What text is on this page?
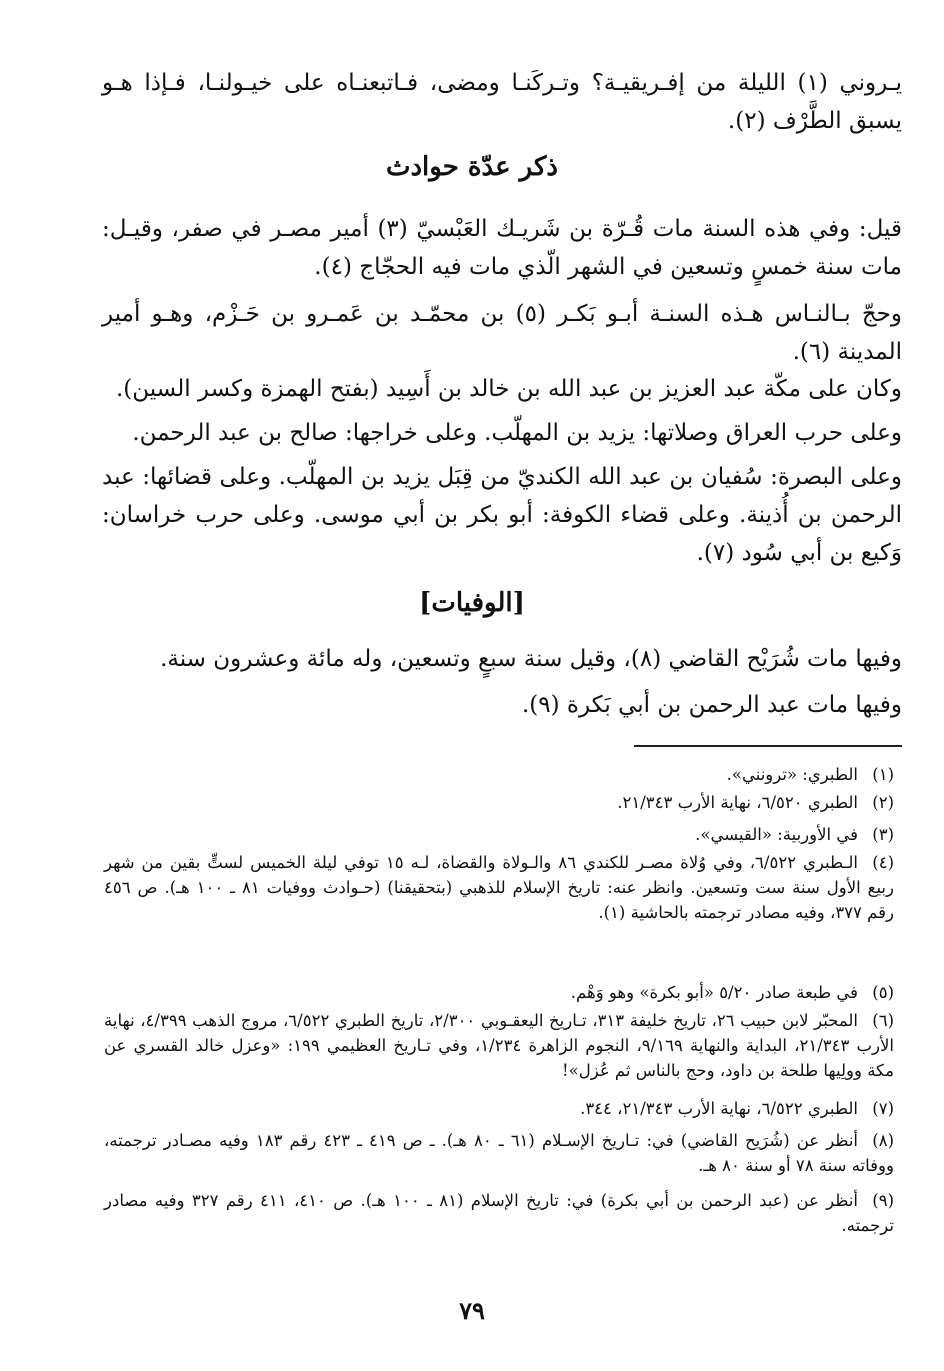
يـروني (١) الليلة من إفـريقيـة؟ وتـركَنـا ومضى، فـاتبعنـاه على خيـولنـا، فـإذا هـو يسبق الطَّرْف (٢).

ذكر عدّة حوادث

قيل: وفي هذه السنة مات قُـرّة بن شَريـك العَبْسيّ (٣) أمير مصـر في صفر، وقيـل: مات سنة خمسٍ وتسعين في الشهر الّذي مات فيه الحجّاج (٤).

وحجّ بـالنـاس هـذه السنـة أبـو بَكـر (٥) بن محمّـد بن عَمـرو بن حَـزْم، وهـو أمير المدينة (٦).

وكان على مكّة عبد العزيز بن عبد الله بن خالد بن أَسِيد (بفتح الهمزة وكسر السين).

وعلى حرب العراق وصلاتها: يزيد بن المهلّب. وعلى خراجها: صالح بن عبد الرحمن.

وعلى البصرة: سُفيان بن عبد الله الكنديّ من قِبَل يزيد بن المهلّب. وعلى قضائها: عبد الرحمن بن أُذينة. وعلى قضاء الكوفة: أبو بكر بن أبي موسى. وعلى حرب خراسان: وَكيع بن أبي سُود (٧).

[الوفيات]

وفيها مات شُرَيْح القاضي (٨)، وقيل سنة سبعٍ وتسعين، وله مائة وعشرون سنة.

وفيها مات عبد الرحمن بن أبي بَكرة (٩).

(١)الطبري: «ترونني».

(٢)الطبري ٦/٥٢٠، نهاية الأرب ٢١/٣٤٣.

(٣)في الأوربية: «القيسي».

(٤)الـطبري ٦/٥٢٢، وفي وُلاة مصـر للكندي ٨٦ والـولاة والقضاة، لـه ١٥ توفي ليلة الخميس لستٍّ بقين من شهر ربيع الأول سنة ست وتسعين. وانظر عنه: تاريخ الإسلام للذهبي (بتحقيقنا) (حـوادث ووفيات ٨١ ـ ١٠٠ هـ). ص ٤٥٦ رقم ٣٧٧، وفيه مصادر ترجمته بالحاشية (١).

(٥)في طبعة صادر ٥/٢٠ «أبو بكرة» وهو وَهْم.

(٦)المحبّر لابن حبيب ٢٦، تاريخ خليفة ٣١٣، تـاريخ اليعقـوبي ٢/٣٠٠، تاريخ الطبري ٦/٥٢٢، مروج الذهب ٤/٣٩٩، نهاية الأرب ٢١/٣٤٣، البداية والنهاية ٩/١٦٩، النجوم الزاهرة ١/٢٣٤، وفي تـاريخ العظيمي ١٩٩: «وعزل خالد القسري عن مكة وولِيها طلحة بن داود، وحج بالناس ثم عُزل»!

(٧)الطبري ٦/٥٢٢، نهاية الأرب ٢١/٣٤٣، ٣٤٤.

(٨)أنظر عن (شُرَيح القاضي) في: تـاريخ الإسـلام (٦١ ـ ٨٠ هـ). ـ ص ٤١٩ ـ ٤٢٣ رقم ١٨٣ وفيه مصـادر ترجمته، ووفاته سنة ٧٨ أو سنة ٨٠ هـ.

(٩)أنظر عن (عبد الرحمن بن أبي بكرة) في: تاريخ الإسلام (٨١ ـ ١٠٠ هـ). ص ٤١٠، ٤١١ رقم ٣٢٧ وفيه مصادر ترجمته.

٧٩
